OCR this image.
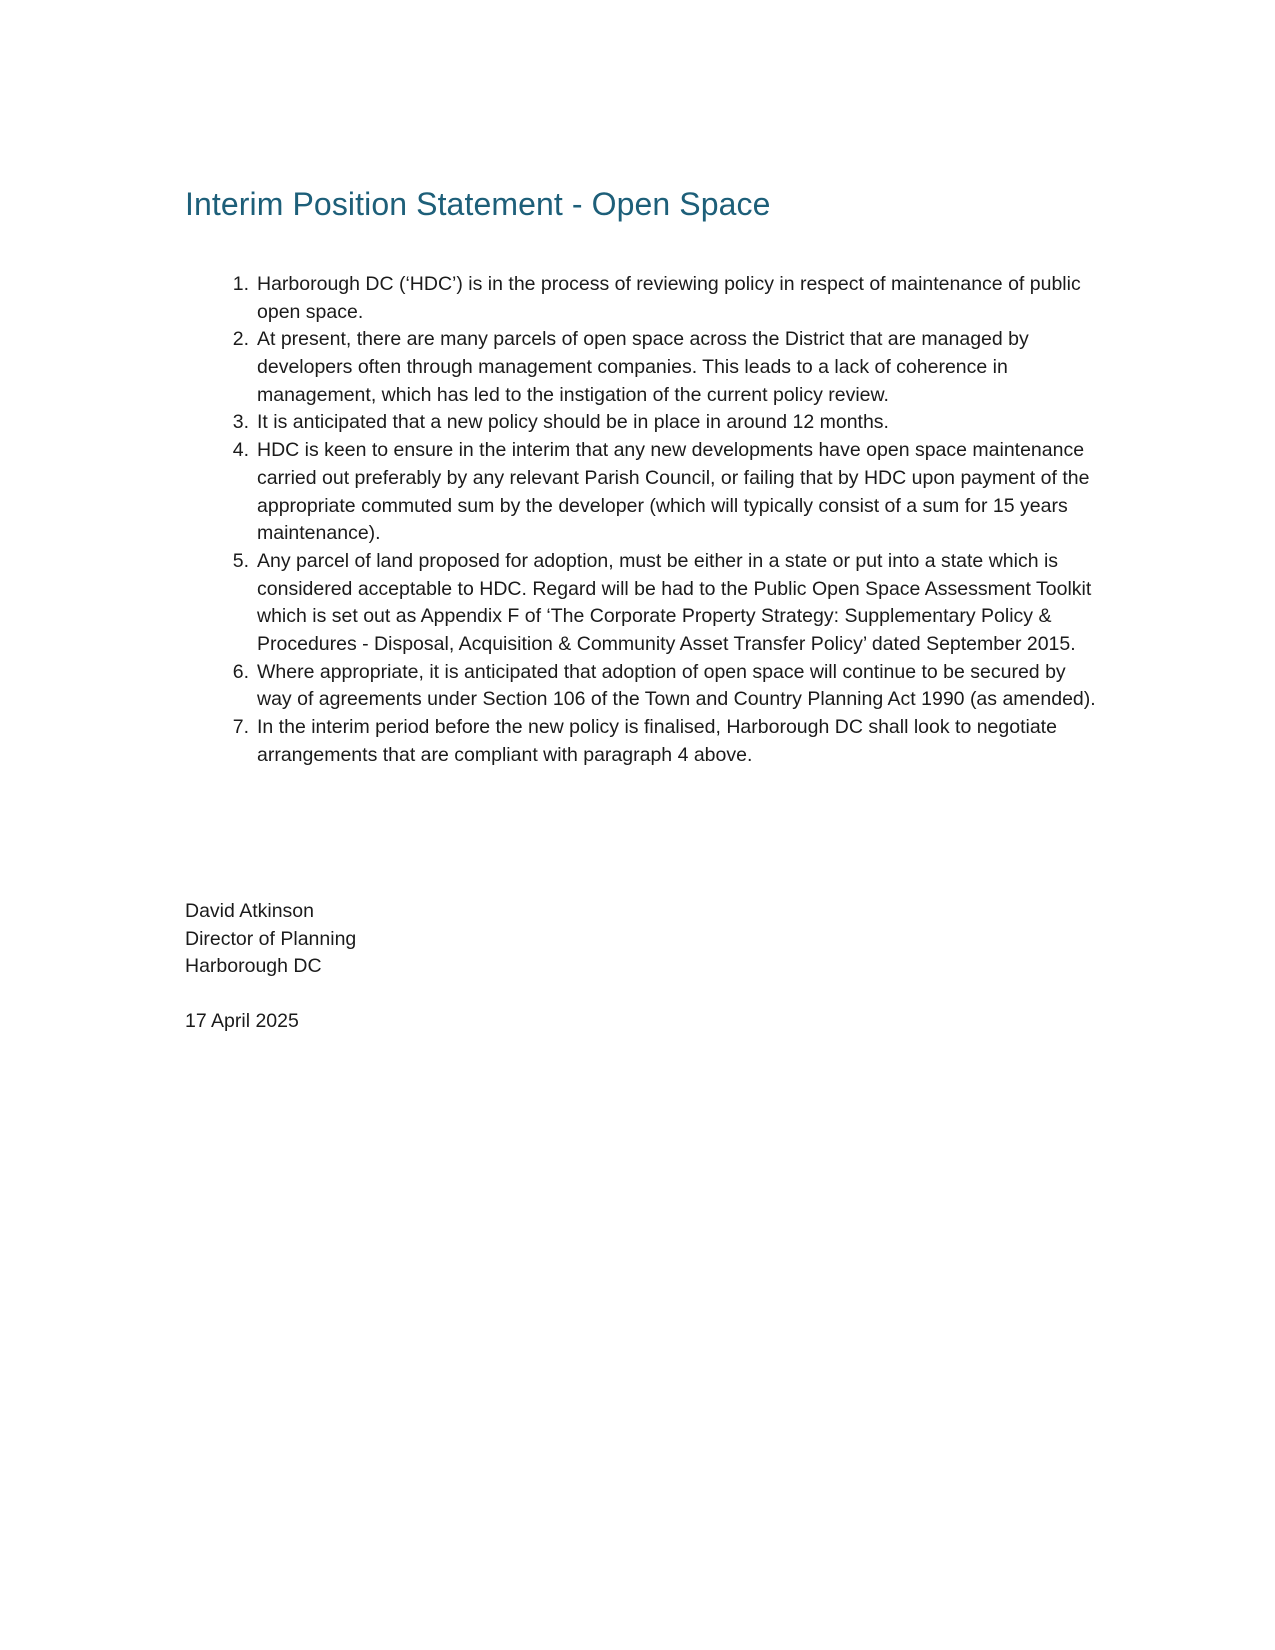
Interim Position Statement - Open Space
1. Harborough DC (‘HDC’) is in the process of reviewing policy in respect of maintenance of public open space.
2. At present, there are many parcels of open space across the District that are managed by developers often through management companies. This leads to a lack of coherence in management, which has led to the instigation of the current policy review.
3. It is anticipated that a new policy should be in place in around 12 months.
4. HDC is keen to ensure in the interim that any new developments have open space maintenance carried out preferably by any relevant Parish Council, or failing that by HDC upon payment of the appropriate commuted sum by the developer (which will typically consist of a sum for 15 years maintenance).
5. Any parcel of land proposed for adoption, must be either in a state or put into a state which is considered acceptable to HDC. Regard will be had to the Public Open Space Assessment Toolkit which is set out as Appendix F of ‘The Corporate Property Strategy: Supplementary Policy & Procedures - Disposal, Acquisition & Community Asset Transfer Policy’ dated September 2015.
6. Where appropriate, it is anticipated that adoption of open space will continue to be secured by way of agreements under Section 106 of the Town and Country Planning Act 1990 (as amended).
7. In the interim period before the new policy is finalised, Harborough DC shall look to negotiate arrangements that are compliant with paragraph 4 above.
David Atkinson
Director of Planning
Harborough DC
17 April 2025
